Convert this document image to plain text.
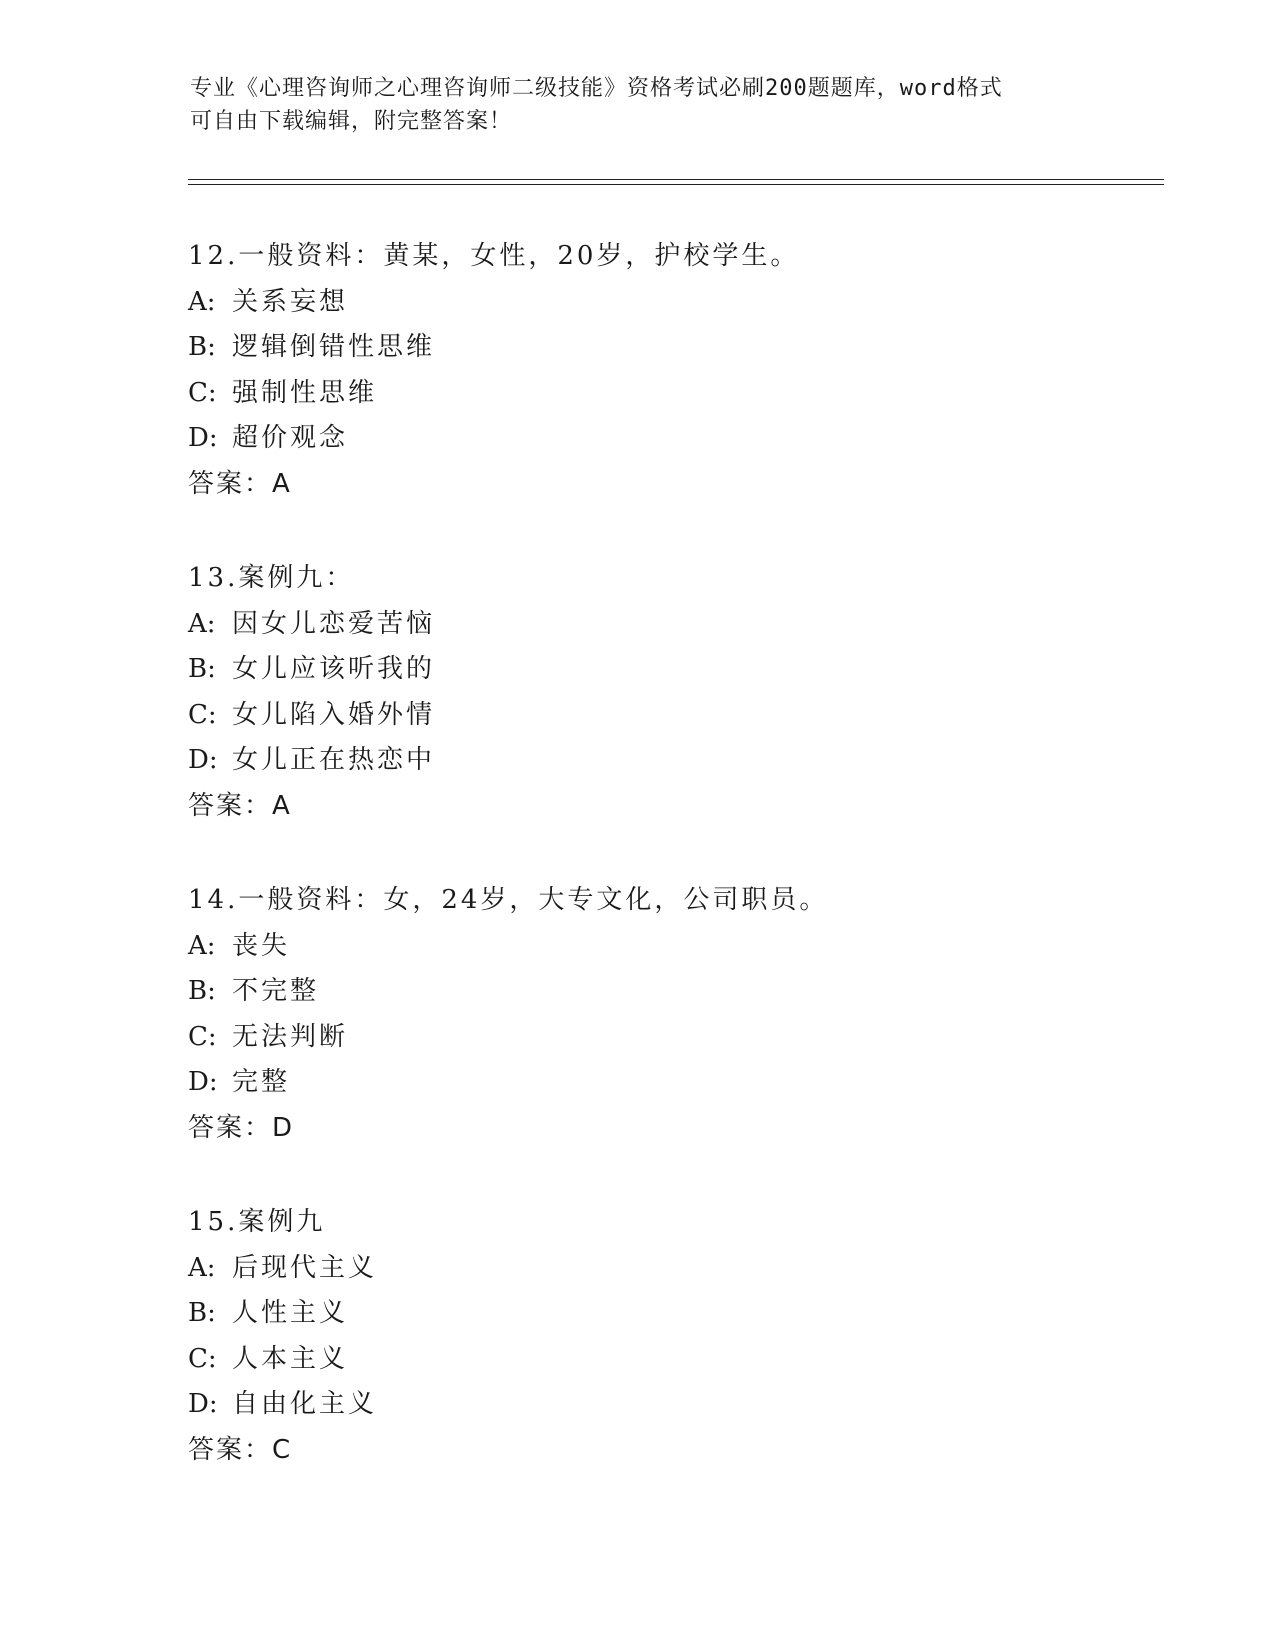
专业《心理咨询师之心理咨询师二级技能》资格考试必刷200题题库，word格式
可自由下载编辑，附完整答案！
12.一般资料：黄某，女性，20岁，护校学生。
A: 关系妄想
B: 逻辑倒错性思维
C: 强制性思维
D: 超价观念
答案：A
13.案例九：
A: 因女儿恋爱苦恼
B: 女儿应该听我的
C: 女儿陷入婚外情
D: 女儿正在热恋中
答案：A
14.一般资料：女，24岁，大专文化，公司职员。
A: 丧失
B: 不完整
C: 无法判断
D: 完整
答案：D
15.案例九
A: 后现代主义
B: 人性主义
C: 人本主义
D: 自由化主义
答案：C
